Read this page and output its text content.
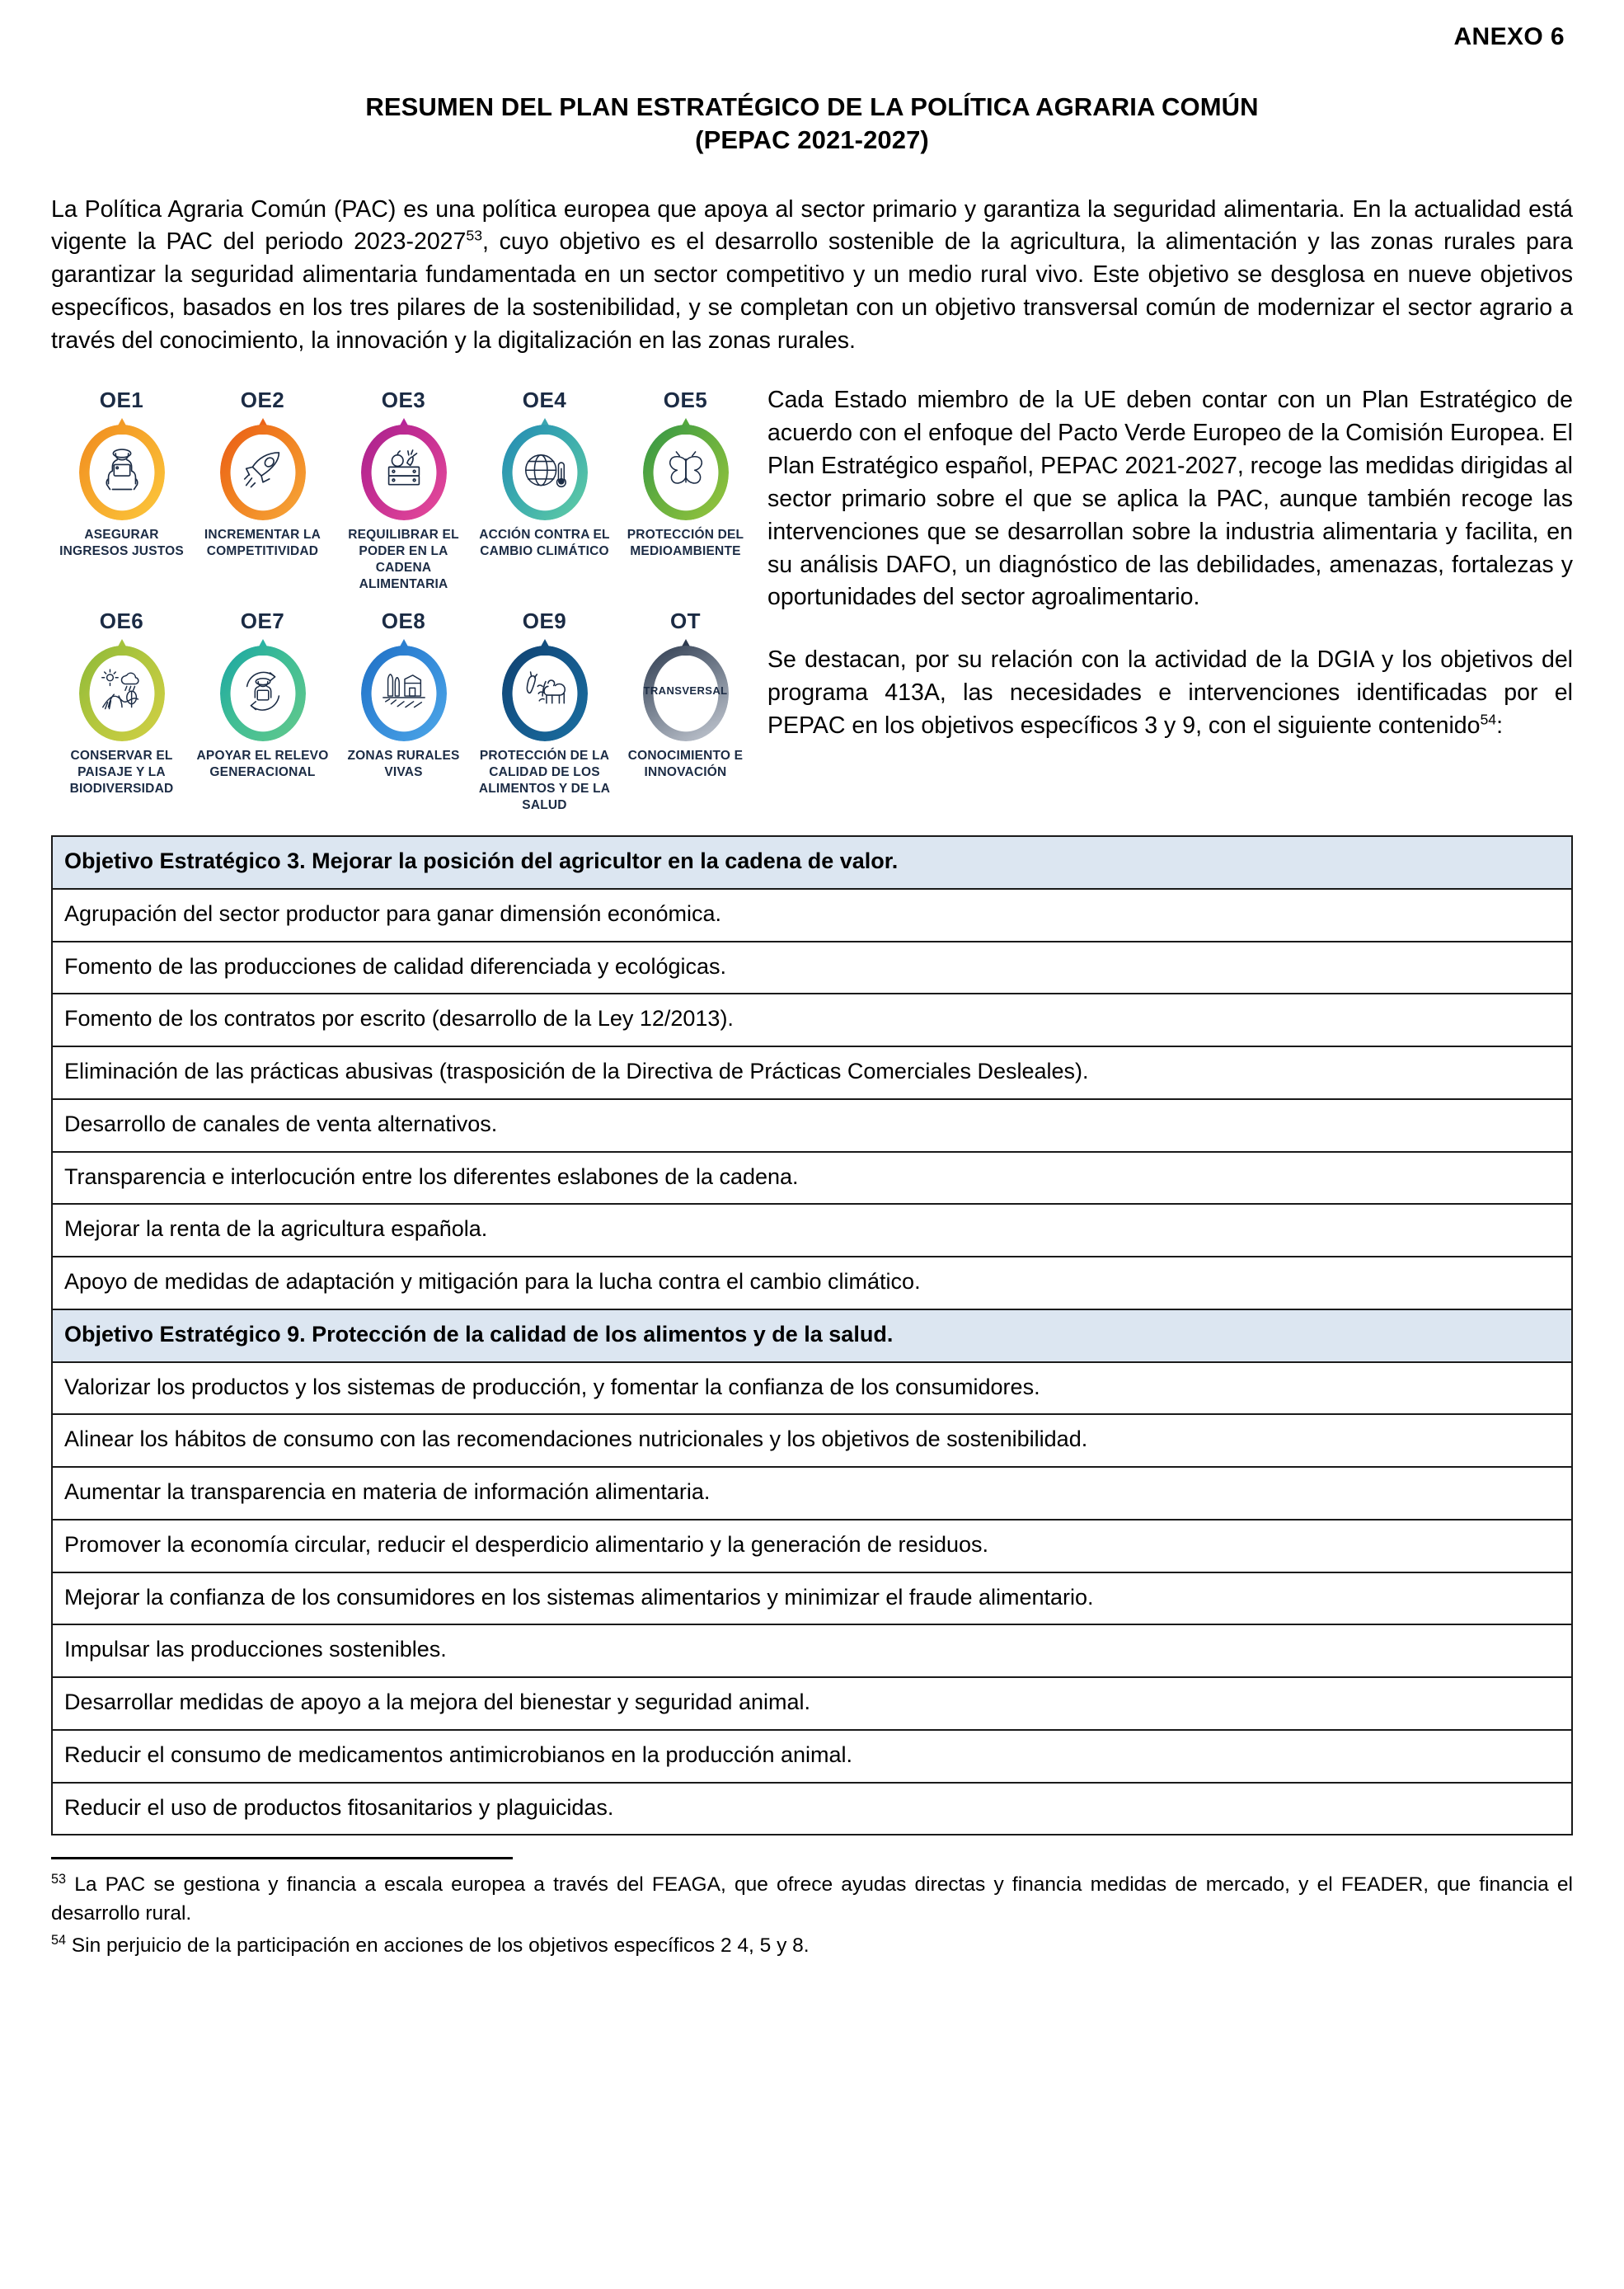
ANEXO 6
RESUMEN DEL PLAN ESTRATÉGICO DE LA POLÍTICA AGRARIA COMÚN
(PEPAC 2021-2027)

La Política Agraria Común (PAC) es una política europea que apoya al sector primario y garantiza la seguridad alimentaria. En la actualidad está vigente la PAC del periodo 2023-2027$^{53}$, cuyo objetivo es el desarrollo sostenible de la agricultura, la alimentación y las zonas rurales para garantizar la seguridad alimentaria fundamentada en un sector competitivo y un medio rural vivo. Este objetivo se desglosa en nueve objetivos específicos, basados en los tres pilares de la sostenibilidad, y se completan con un objetivo transversal común de modernizar el sector agrario a través del conocimiento, la innovación y la digitalización en las zonas rurales.

OE1
ASEGURAR INGRESOS JUSTOS
OE2
INCREMENTAR LA COMPETITIVIDAD
OE3
REQUILIBRAR EL PODER EN LA CADENA ALIMENTARIA
OE4
ACCIÓN CONTRA EL CAMBIO CLIMÁTICO
OE5
PROTECCIÓN DEL MEDIOAMBIENTE
OE6
CONSERVAR EL PAISAJE Y LA BIODIVERSIDAD
OE7
APOYAR EL RELEVO GENERACIONAL
OE8
ZONAS RURALES VIVAS
OE9
PROTECCIÓN DE LA CALIDAD DE LOS ALIMENTOS Y DE LA SALUD
OT
TRANSVERSAL
CONOCIMIENTO E INNOVACIÓN

Cada Estado miembro de la UE deben contar con un Plan Estratégico de acuerdo con el enfoque del Pacto Verde Europeo de la Comisión Europea. El Plan Estratégico español, PEPAC 2021-2027, recoge las medidas dirigidas al sector primario sobre el que se aplica la PAC, aunque también recoge las intervenciones que se desarrollan sobre la industria alimentaria y facilita, en su análisis DAFO, un diagnóstico de las debilidades, amenazas, fortalezas y oportunidades del sector agroalimentario.

Se destacan, por su relación con la actividad de la DGIA y los objetivos del programa 413A, las necesidades e intervenciones identificadas por el PEPAC en los objetivos específicos 3 y 9, con el siguiente contenido$^{54}$:

Objetivo Estratégico 3. Mejorar la posición del agricultor en la cadena de valor.
Agrupación del sector productor para ganar dimensión económica.
Fomento de las producciones de calidad diferenciada y ecológicas.
Fomento de los contratos por escrito (desarrollo de la Ley 12/2013).
Eliminación de las prácticas abusivas (trasposición de la Directiva de Prácticas Comerciales Desleales).
Desarrollo de canales de venta alternativos.
Transparencia e interlocución entre los diferentes eslabones de la cadena.
Mejorar la renta de la agricultura española.
Apoyo de medidas de adaptación y mitigación para la lucha contra el cambio climático.
Objetivo Estratégico 9. Protección de la calidad de los alimentos y de la salud.
Valorizar los productos y los sistemas de producción, y fomentar la confianza de los consumidores.
Alinear los hábitos de consumo con las recomendaciones nutricionales y los objetivos de sostenibilidad.
Aumentar la transparencia en materia de información alimentaria.
Promover la economía circular, reducir el desperdicio alimentario y la generación de residuos.
Mejorar la confianza de los consumidores en los sistemas alimentarios y minimizar el fraude alimentario.
Impulsar las producciones sostenibles.
Desarrollar medidas de apoyo a la mejora del bienestar y seguridad animal.
Reducir el consumo de medicamentos antimicrobianos en la producción animal.
Reducir el uso de productos fitosanitarios y plaguicidas.

$^{53}$ La PAC se gestiona y financia a escala europea a través del FEAGA, que ofrece ayudas directas y financia medidas de mercado, y el FEADER, que financia el desarrollo rural.

$^{54}$ Sin perjuicio de la participación en acciones de los objetivos específicos 2 4, 5 y 8.
